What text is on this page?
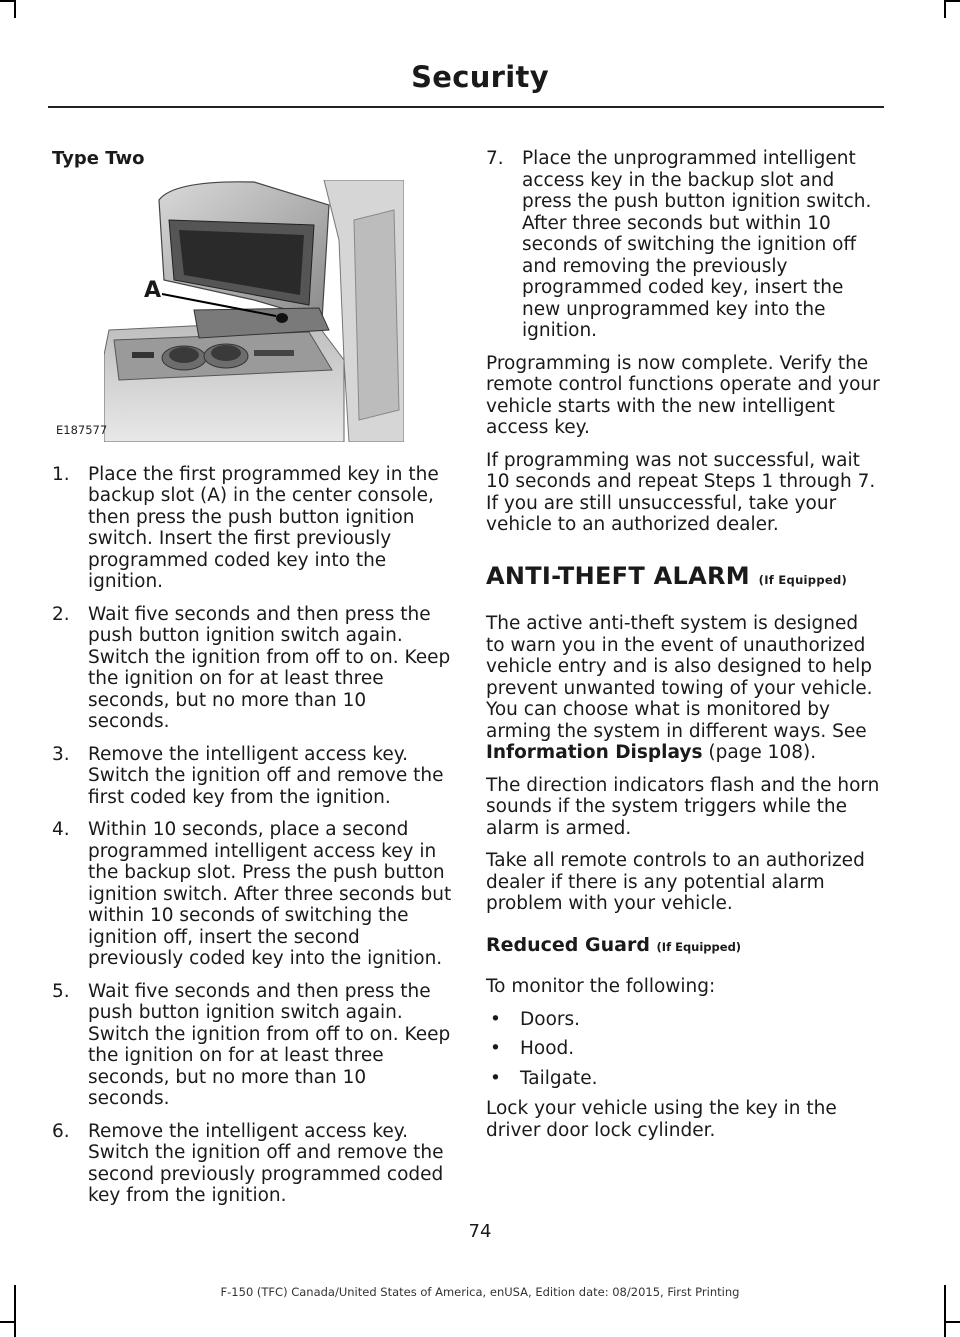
Security
Type Two
A
E187577
1. Place the first programmed key in the backup slot (A) in the center console, then press the push button ignition switch. Insert the first previously programmed coded key into the ignition.
2. Wait five seconds and then press the push button ignition switch again. Switch the ignition from off to on. Keep the ignition on for at least three seconds, but no more than 10 seconds.
3. Remove the intelligent access key. Switch the ignition off and remove the first coded key from the ignition.
4. Within 10 seconds, place a second programmed intelligent access key in the backup slot. Press the push button ignition switch. After three seconds but within 10 seconds of switching the ignition off, insert the second previously coded key into the ignition.
5. Wait five seconds and then press the push button ignition switch again. Switch the ignition from off to on. Keep the ignition on for at least three seconds, but no more than 10 seconds.
6. Remove the intelligent access key. Switch the ignition off and remove the second previously programmed coded key from the ignition.
7. Place the unprogrammed intelligent access key in the backup slot and press the push button ignition switch. After three seconds but within 10 seconds of switching the ignition off and removing the previously programmed coded key, insert the new unprogrammed key into the ignition.

Programming is now complete. Verify the remote control functions operate and your vehicle starts with the new intelligent access key.

If programming was not successful, wait 10 seconds and repeat Steps 1 through 7. If you are still unsuccessful, take your vehicle to an authorized dealer.

ANTI-THEFT ALARM (If Equipped)

The active anti-theft system is designed to warn you in the event of unauthorized vehicle entry and is also designed to help prevent unwanted towing of your vehicle. You can choose what is monitored by arming the system in different ways. See
Information Displays (page 108).

The direction indicators flash and the horn sounds if the system triggers while the alarm is armed.

Take all remote controls to an authorized dealer if there is any potential alarm problem with your vehicle.

Reduced Guard (If Equipped)

To monitor the following:

• Doors.
• Hood.
• Tailgate.

Lock your vehicle using the key in the driver door lock cylinder.

74
F-150 (TFC) Canada/United States of America, enUSA, Edition date: 08/2015, First Printing
